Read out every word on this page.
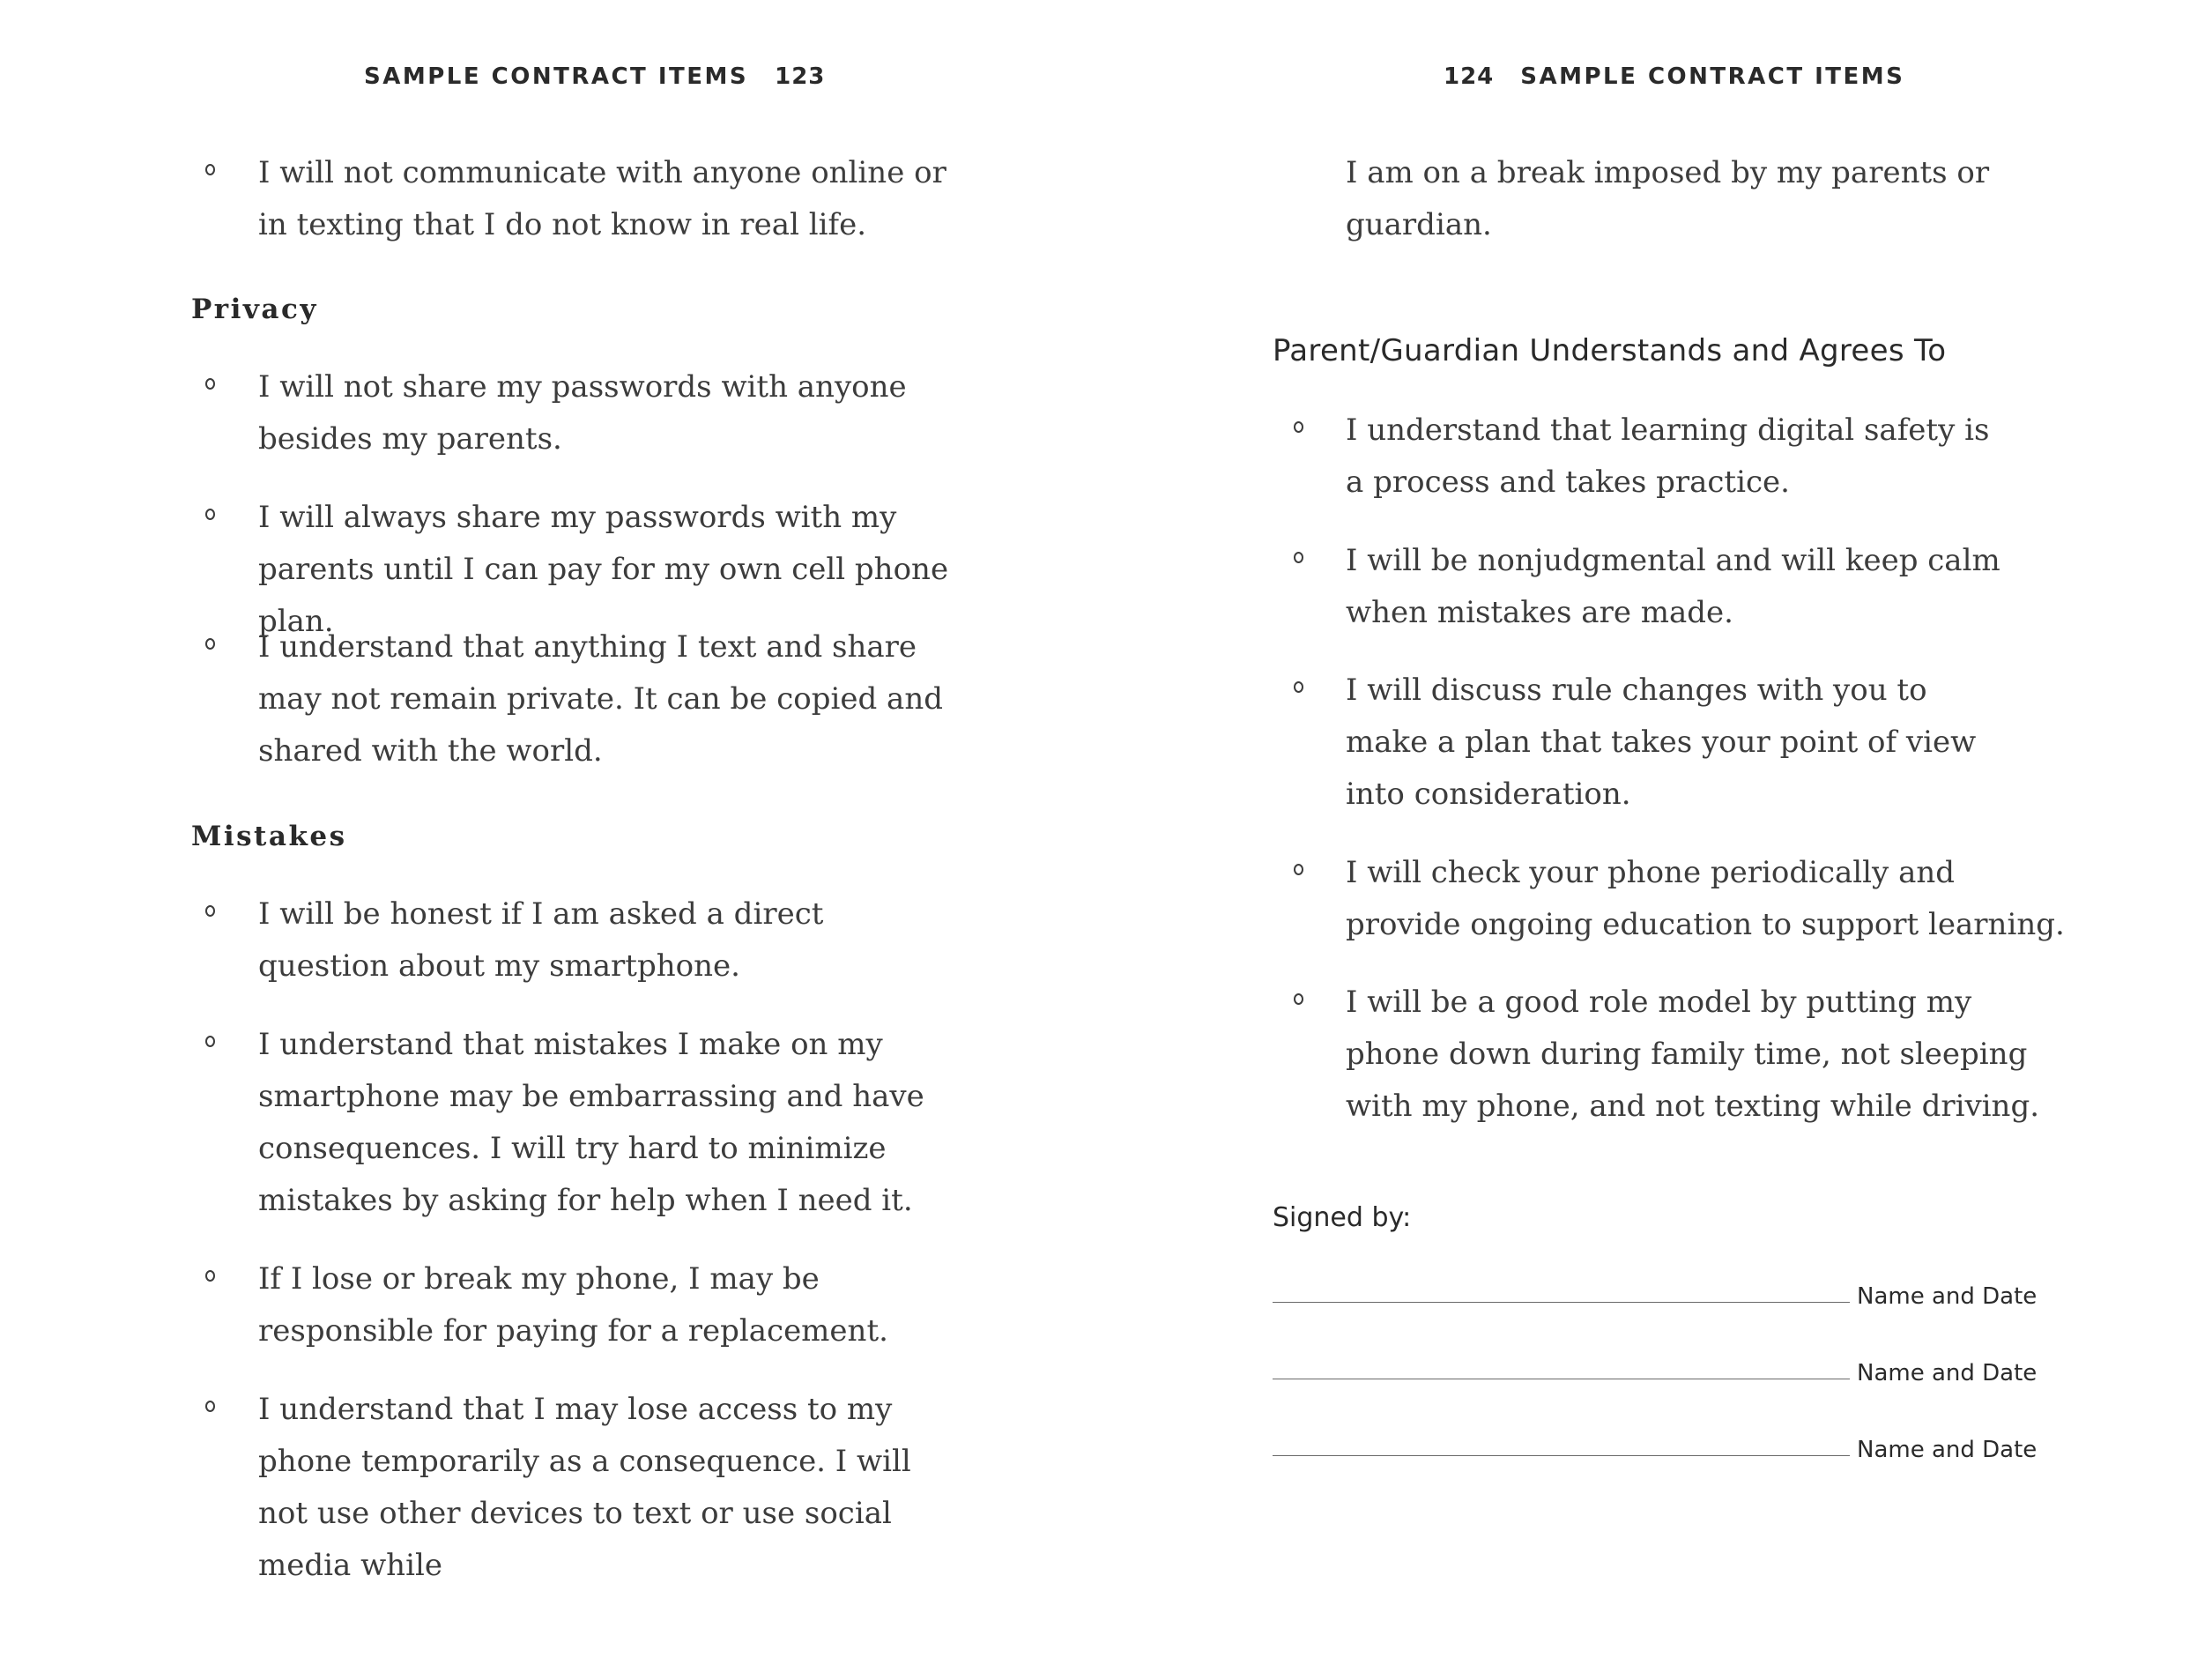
SAMPLE CONTRACT ITEMS 123
I will not communicate with anyone online or in texting that I do not know in real life.
Privacy
I will not share my passwords with anyone besides my parents.
I will always share my passwords with my parents until I can pay for my own cell phone plan.
I understand that anything I text and share may not remain private. It can be copied and shared with the world.
Mistakes
I will be honest if I am asked a direct question about my smartphone.
I understand that mistakes I make on my smartphone may be embarrassing and have consequences. I will try hard to minimize mistakes by asking for help when I need it.
If I lose or break my phone, I may be responsible for paying for a replacement.
I understand that I may lose access to my phone temporarily as a consequence. I will not use other devices to text or use social media while
124 SAMPLE CONTRACT ITEMS
I am on a break imposed by my parents or guardian.
Parent/Guardian Understands and Agrees To
I understand that learning digital safety is a process and takes practice.
I will be nonjudgmental and will keep calm when mistakes are made.
I will discuss rule changes with you to make a plan that takes your point of view into consideration.
I will check your phone periodically and provide ongoing education to support learning.
I will be a good role model by putting my phone down during family time, not sleeping with my phone, and not texting while driving.
Signed by:
Name and Date
Name and Date
Name and Date
